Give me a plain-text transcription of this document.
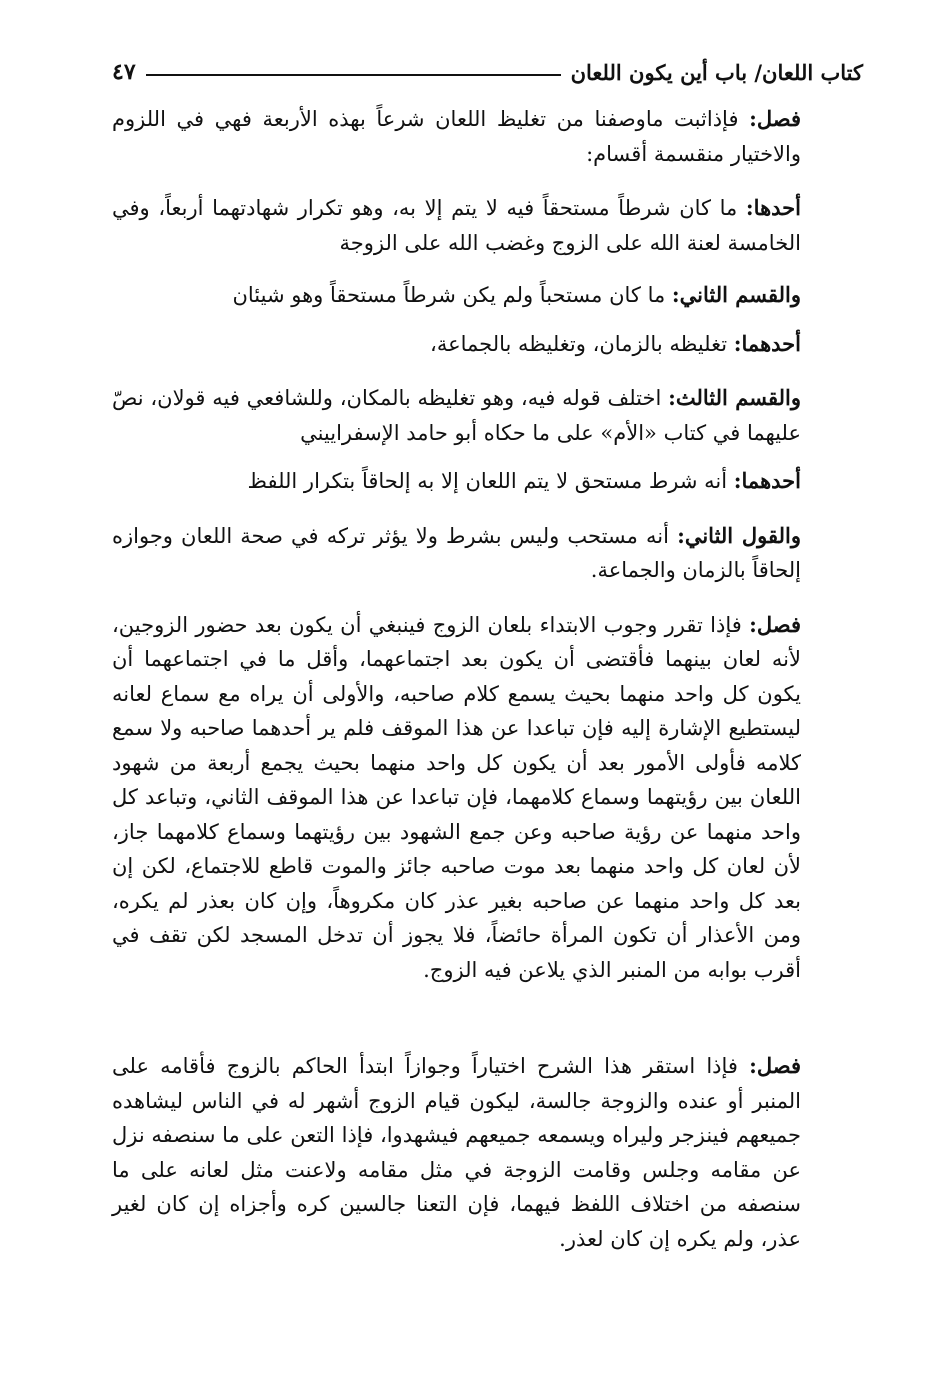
كتاب اللعان/ باب أين يكون اللعان
٤٧

فصل: فإذاثبت ماوصفنا من تغليظ اللعان شرعاً بهذه الأربعة فهي في اللزوم والاختيار منقسمة أقسام:

أحدها: ما كان شرطاً مستحقاً فيه لا يتم إلا به، وهو تكرار شهادتهما أربعاً، وفي الخامسة لعنة الله على الزوج وغضب الله على الزوجة

والقسم الثاني: ما كان مستحباً ولم يكن شرطاً مستحقاً وهو شيئان

أحدهما: تغليظه بالزمان، وتغليظه بالجماعة،

والقسم الثالث: اختلف قوله فيه، وهو تغليظه بالمكان، وللشافعي فيه قولان، نصّ عليهما في كتاب «الأم» على ما حكاه أبو حامد الإسفراييني

أحدهما: أنه شرط مستحق لا يتم اللعان إلا به إلحاقاً بتكرار اللفظ

والقول الثاني: أنه مستحب وليس بشرط ولا يؤثر تركه في صحة اللعان وجوازه إلحاقاً بالزمان والجماعة.

فصل: فإذا تقرر وجوب الابتداء بلعان الزوج فينبغي أن يكون بعد حضور الزوجين، لأنه لعان بينهما فأقتضى أن يكون بعد اجتماعهما، وأقل ما في اجتماعهما أن يكون كل واحد منهما بحيث يسمع كلام صاحبه، والأولى أن يراه مع سماع لعانه ليستطيع الإشارة إليه فإن تباعدا عن هذا الموقف فلم ير أحدهما صاحبه ولا سمع كلامه فأولى الأمور بعد أن يكون كل واحد منهما بحيث يجمع أربعة من شهود اللعان بين رؤيتهما وسماع كلامهما، فإن تباعدا عن هذا الموقف الثاني، وتباعد كل واحد منهما عن رؤية صاحبه وعن جمع الشهود بين رؤيتهما وسماع كلامهما جاز، لأن لعان كل واحد منهما بعد موت صاحبه جائز والموت قاطع للاجتماع، لكن إن بعد كل واحد منهما عن صاحبه بغير عذر كان مكروهاً، وإن كان بعذر لم يكره، ومن الأعذار أن تكون المرأة حائضاً، فلا يجوز أن تدخل المسجد لكن تقف في أقرب بوابه من المنبر الذي يلاعن فيه الزوج.

فصل: فإذا استقر هذا الشرح اختياراً وجوازاً ابتدأ الحاكم بالزوج فأقامه على المنبر أو عنده والزوجة جالسة، ليكون قيام الزوج أشهر له في الناس ليشاهده جميعهم فينزجر وليراه ويسمعه جميعهم فيشهدوا، فإذا التعن على ما سنصفه نزل عن مقامه وجلس وقامت الزوجة في مثل مقامه ولاعنت مثل لعانه على ما سنصفه من اختلاف اللفظ فيهما، فإن التعنا جالسين كره وأجزاه إن كان لغير عذر، ولم يكره إن كان لعذر.
